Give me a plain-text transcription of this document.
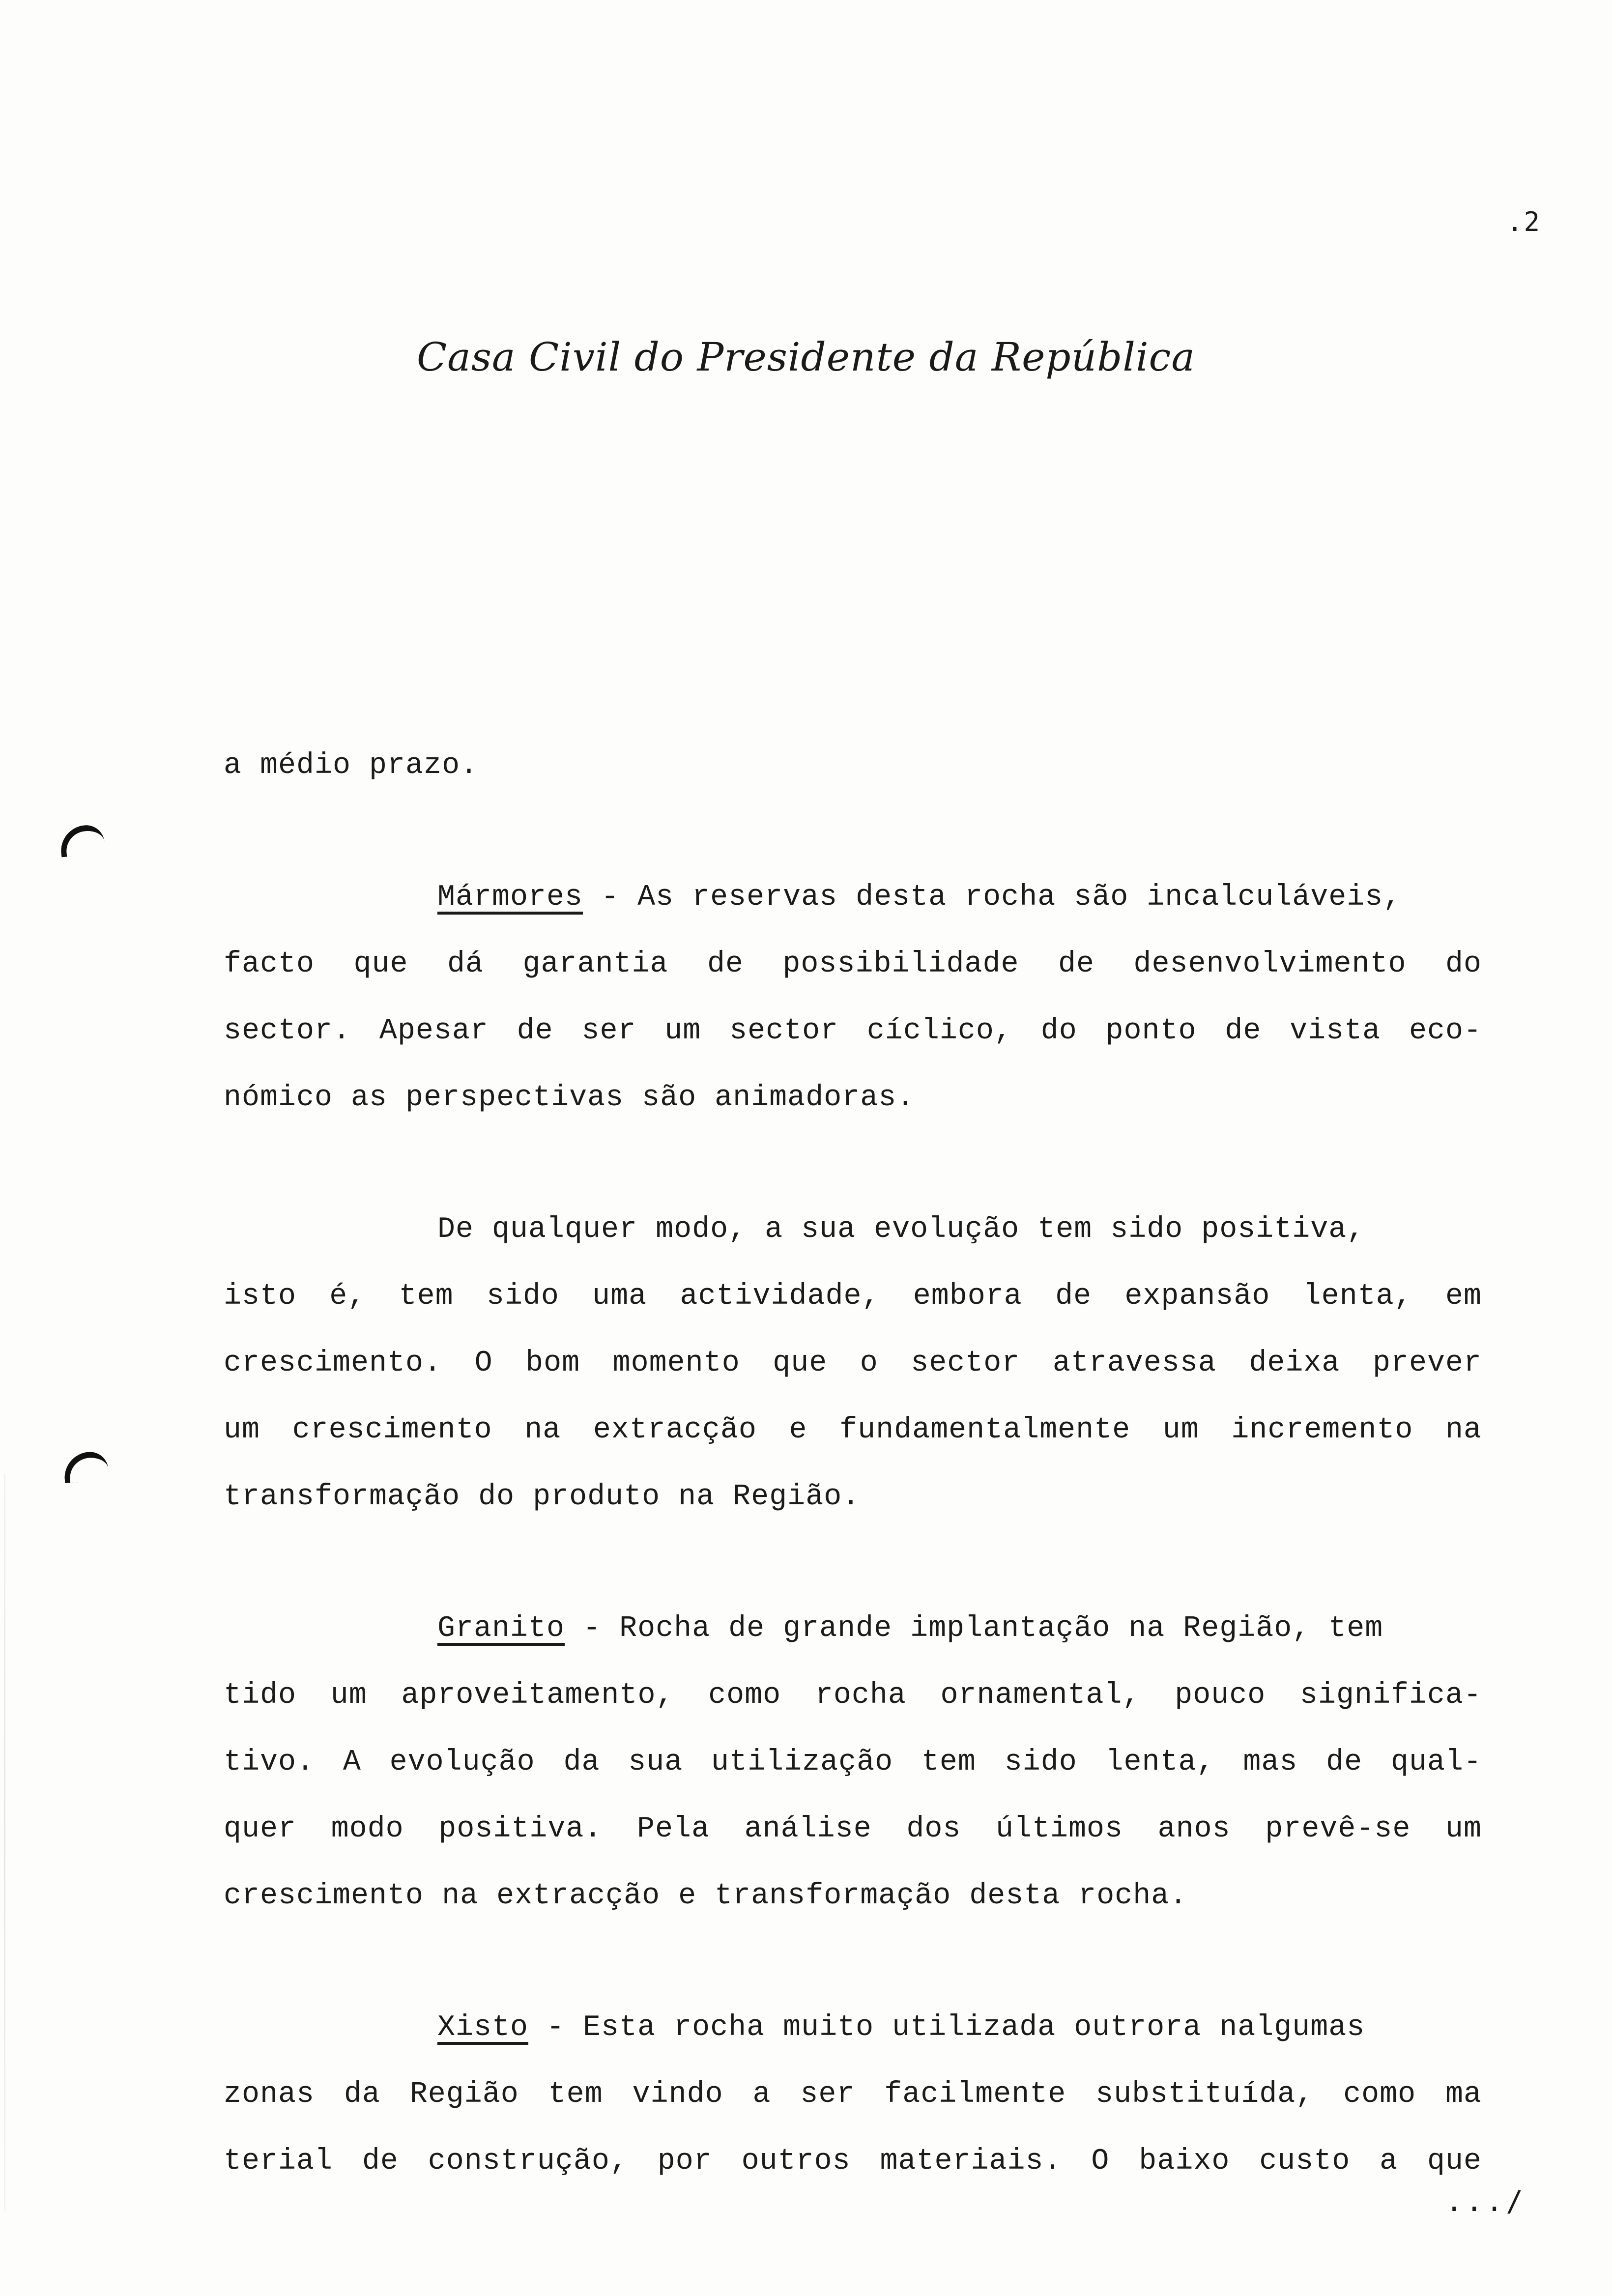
.2
Casa Civil do Presidente da República
a médio prazo.
Mármores - As reservas desta rocha são incalculáveis,
facto que dá garantia de possibilidade de desenvolvimento do
sector. Apesar de ser um sector cíclico, do ponto de vista eco-
nómico as perspectivas são animadoras.
De qualquer modo, a sua evolução tem sido positiva,
isto é, tem sido uma actividade, embora de expansão lenta, em
crescimento. O bom momento que o sector atravessa deixa prever
um crescimento na extracção e fundamentalmente um incremento na
transformação do produto na Região.
Granito - Rocha de grande implantação na Região, tem
tido um aproveitamento, como rocha ornamental, pouco significa-
tivo. A evolução da sua utilização tem sido lenta, mas de qual-
quer modo positiva. Pela análise dos últimos anos prevê-se um
crescimento na extracção e transformação desta rocha.
Xisto - Esta rocha muito utilizada outrora nalgumas
zonas da Região tem vindo a ser facilmente substituída, como ma
terial de construção, por outros materiais. O baixo custo a que
.../
